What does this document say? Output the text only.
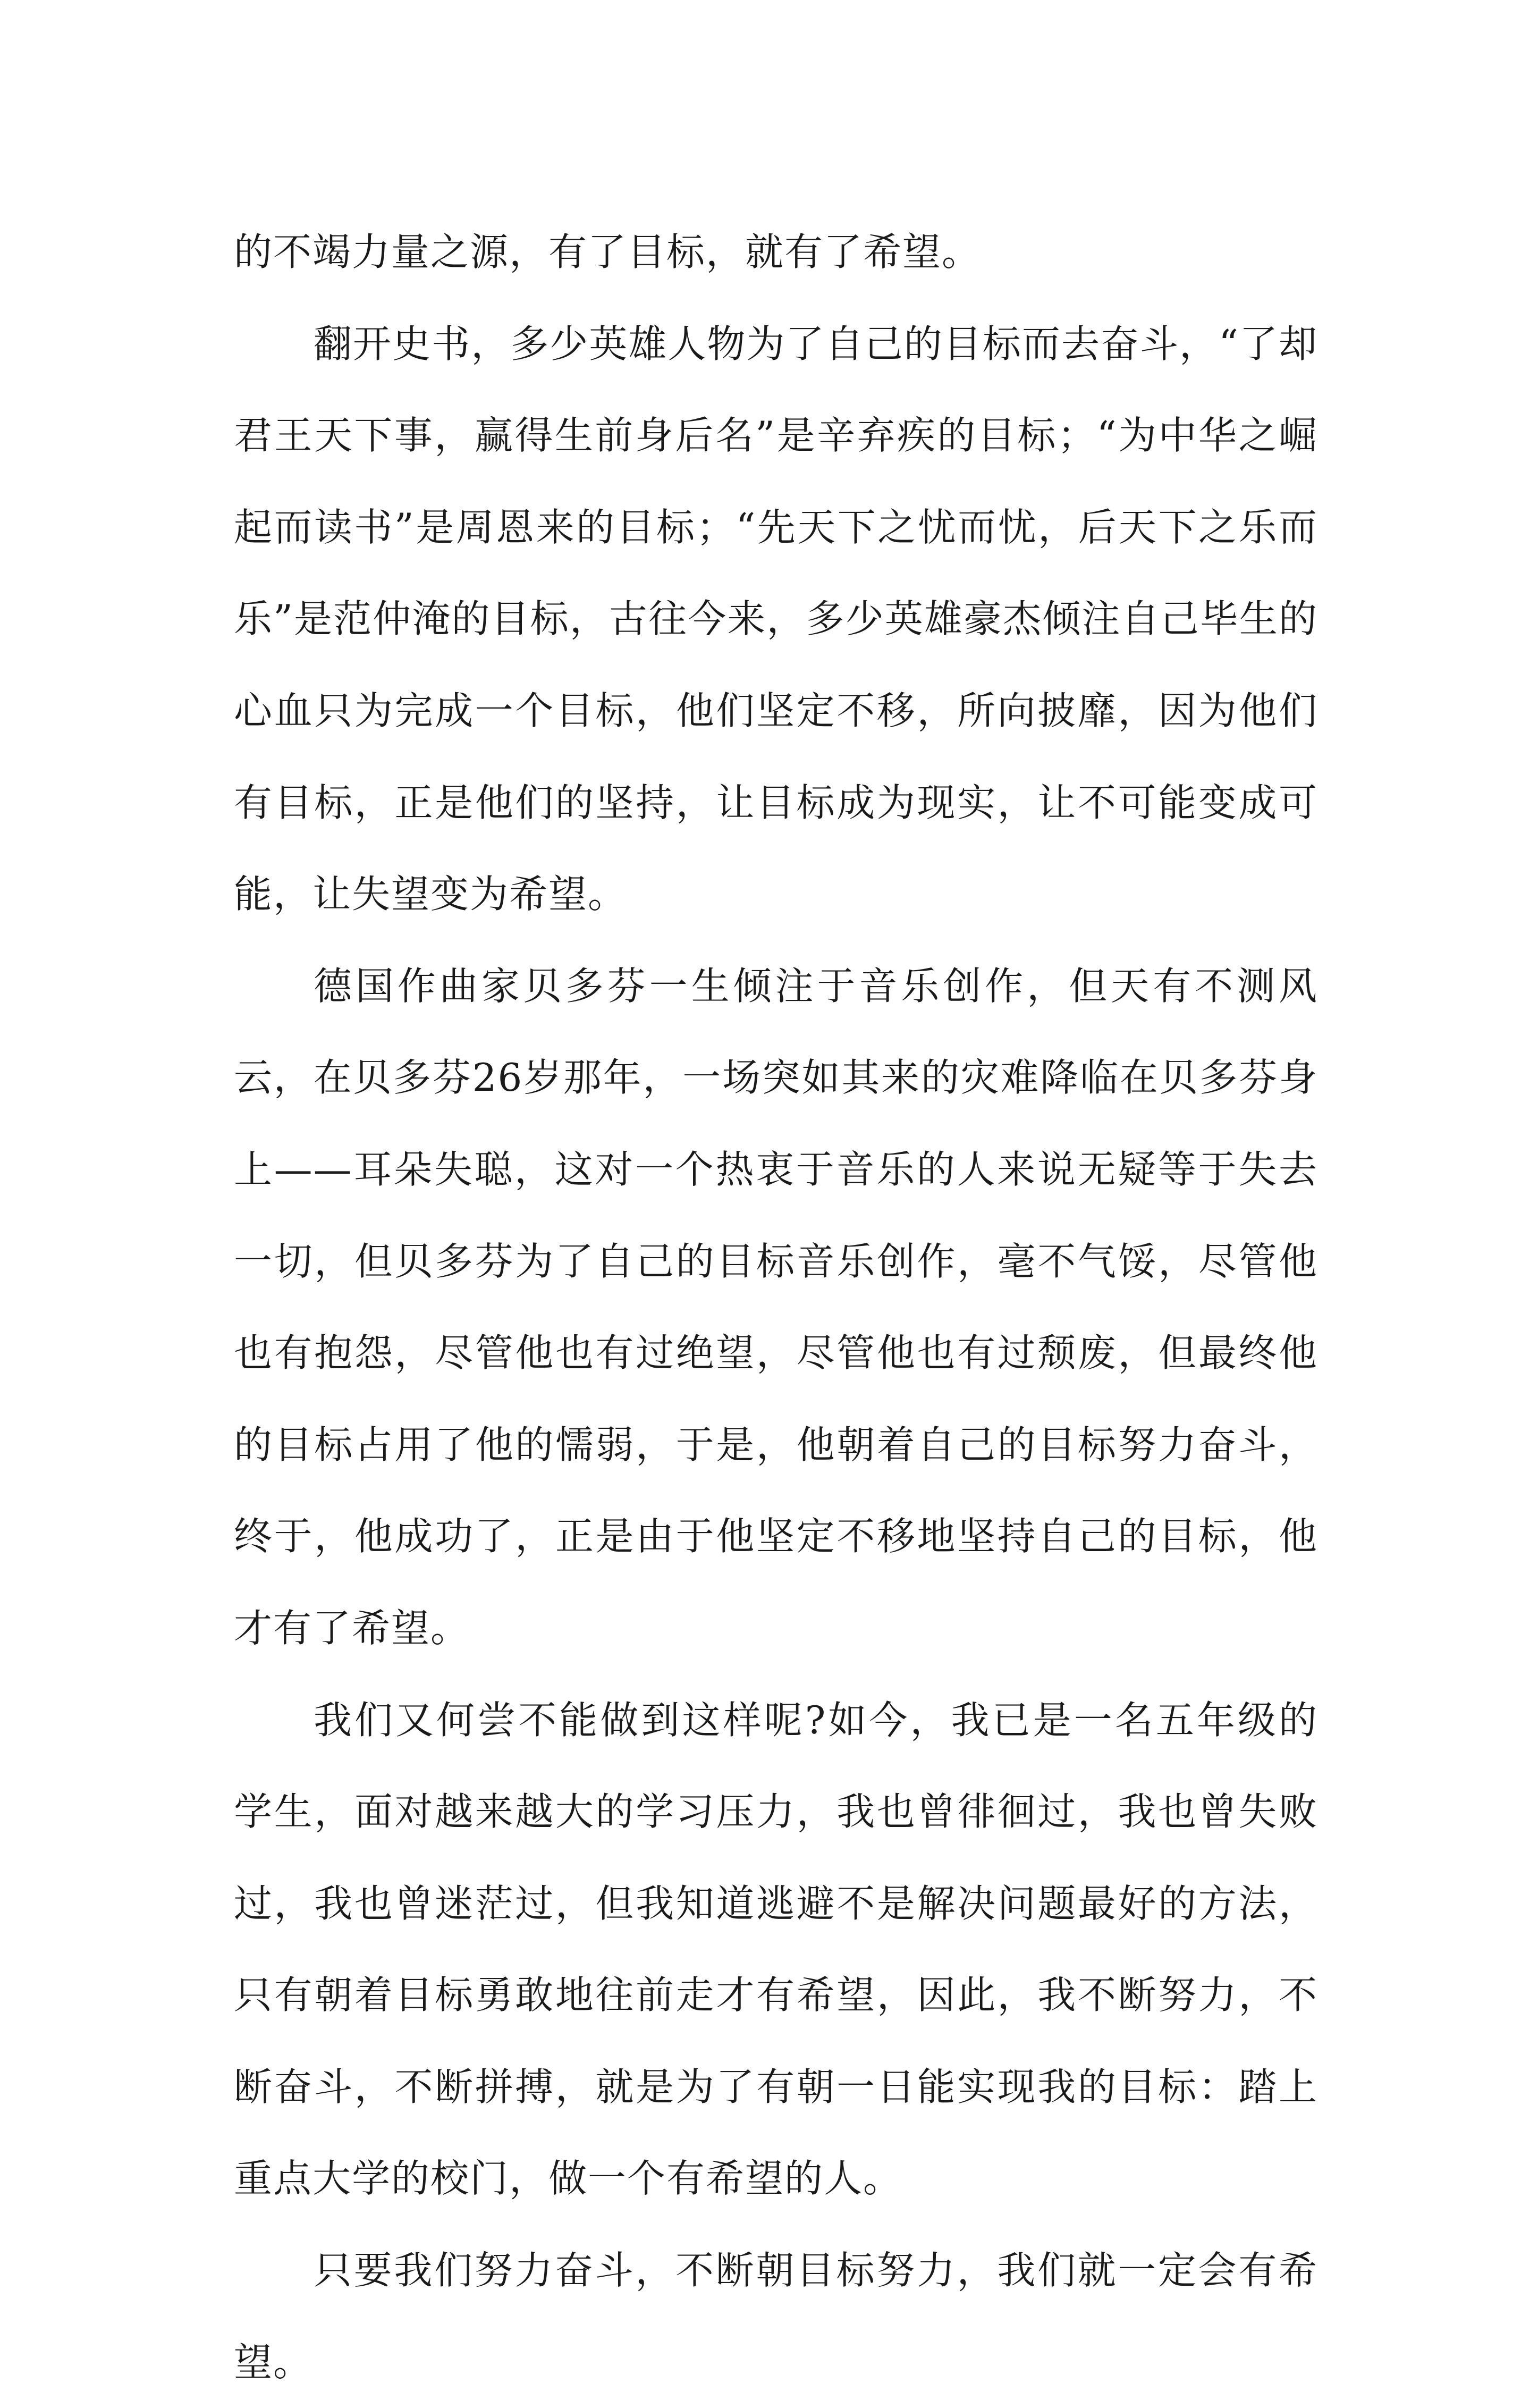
的不竭力量之源，有了目标，就有了希望。

翻开史书，多少英雄人物为了自己的目标而去奋斗，“了却君王天下事，赢得生前身后名”是辛弃疾的目标；“为中华之崛起而读书”是周恩来的目标；“先天下之忧而忧，后天下之乐而乐”是范仲淹的目标，古往今来，多少英雄豪杰倾注自己毕生的心血只为完成一个目标，他们坚定不移，所向披靡，因为他们有目标，正是他们的坚持，让目标成为现实，让不可能变成可能，让失望变为希望。

德国作曲家贝多芬一生倾注于音乐创作，但天有不测风云，在贝多芬26岁那年，一场突如其来的灾难降临在贝多芬身上——耳朵失聪，这对一个热衷于音乐的人来说无疑等于失去一切，但贝多芬为了自己的目标音乐创作，毫不气馁，尽管他也有抱怨，尽管他也有过绝望，尽管他也有过颓废，但最终他的目标占用了他的懦弱，于是，他朝着自己的目标努力奋斗，终于，他成功了，正是由于他坚定不移地坚持自己的目标，他才有了希望。

我们又何尝不能做到这样呢?如今，我已是一名五年级的学生，面对越来越大的学习压力，我也曾徘徊过，我也曾失败过，我也曾迷茫过，但我知道逃避不是解决问题最好的方法，只有朝着目标勇敢地往前走才有希望，因此，我不断努力，不断奋斗，不断拼搏，就是为了有朝一日能实现我的目标：踏上重点大学的校门，做一个有希望的人。

只要我们努力奋斗，不断朝目标努力，我们就一定会有希望。
